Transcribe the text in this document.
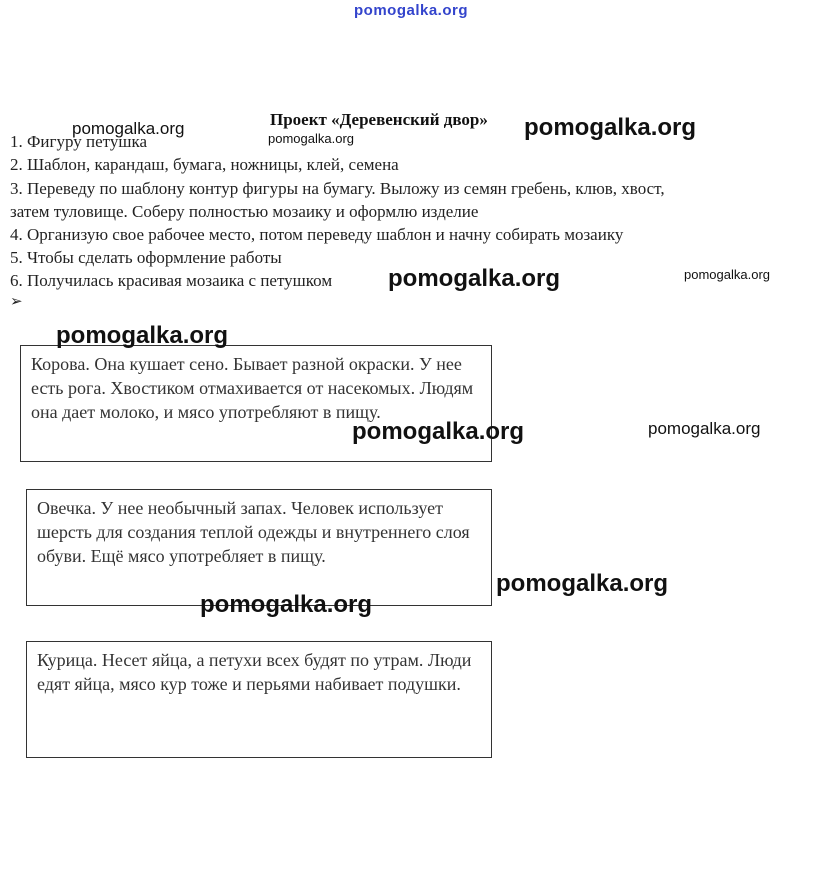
pomogalka.org
Проект «Деревенский двор»
1. Фигуру петушка
2. Шаблон, карандаш, бумага, ножницы, клей, семена
3. Переведу по шаблону контур фигуры на бумагу. Выложу из семян гребень, клюв, хвост,
затем туловище. Соберу полностью мозаику и оформлю изделие
4. Организую свое рабочее место, потом переведу шаблон и начну собирать мозаику
5. Чтобы сделать оформление работы
6. Получилась красивая мозаика с петушком
➢
Корова. Она кушает сено. Бывает разной окраски. У нее есть рога. Хвостиком отмахивается от насекомых. Людям она дает молоко, и мясо употребляют в пищу.
Овечка. У нее необычный запах. Человек использует шерсть для создания теплой одежды и внутреннего слоя обуви. Ещё мясо употребляет в пищу.
Курица. Несет яйца, а петухи всех будят по утрам. Люди едят яйца, мясо кур тоже и перьями набивает подушки.
pomogalka.org
pomogalka.org	pomogalka.org
pomogalka.org	pomogalka.org
pomogalka.org
pomogalka.org	pomogalka.org
pomogalka.org
pomogalka.org
